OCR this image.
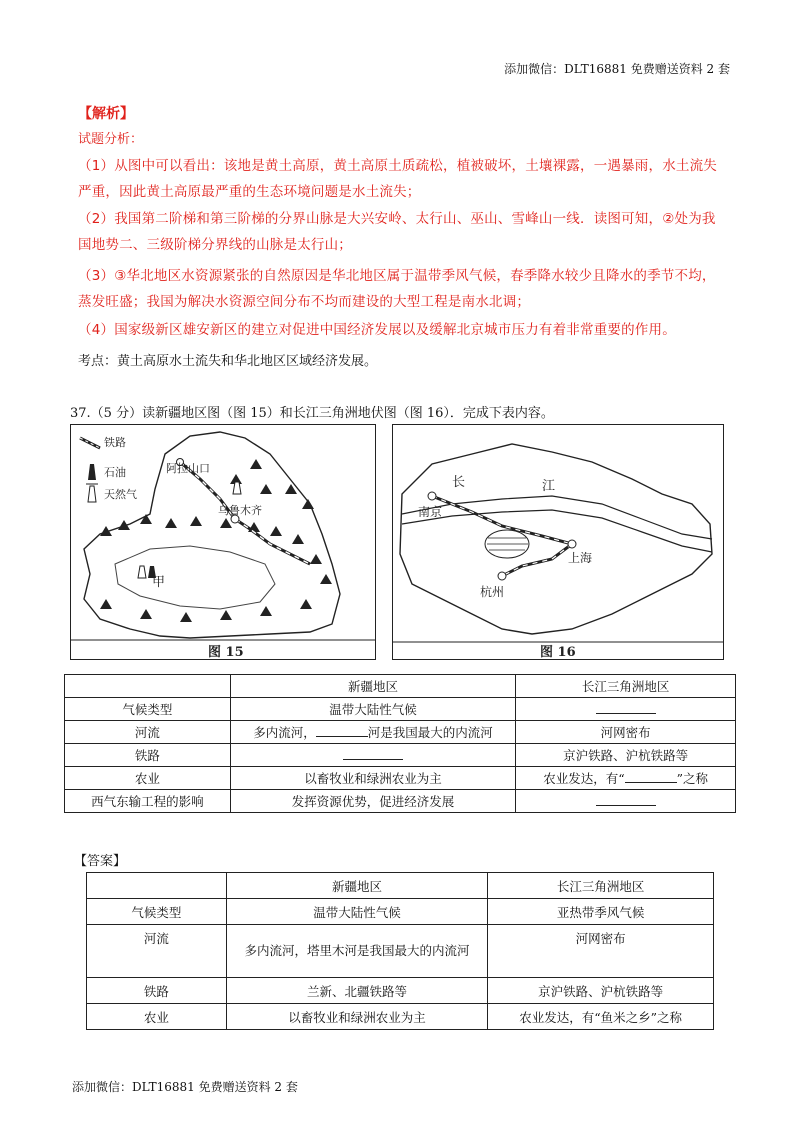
添加微信：DLT16881 免费赠送资料 2 套
【解析】
试题分析：
（1）从图中可以看出：该地是黄土高原，黄土高原土质疏松，植被破坏，土壤裸露，一遇暴雨，水土流失严重，因此黄土高原最严重的生态环境问题是水土流失；
（2）我国第二阶梯和第三阶梯的分界山脉是大兴安岭、太行山、巫山、雪峰山一线．读图可知，②处为我国地势二、三级阶梯分界线的山脉是太行山；
（3）③华北地区水资源紧张的自然原因是华北地区属于温带季风气候，春季降水较少且降水的季节不均，蒸发旺盛；我国为解决水资源空间分布不均而建设的大型工程是南水北调；
（4）国家级新区雄安新区的建立对促进中国经济发展以及缓解北京城市压力有着非常重要的作用。
考点：黄土高原水土流失和华北地区区域经济发展。
37.（5 分）读新疆地区图（图 15）和长江三角洲地伏图（图 16）．完成下表内容。
铁路
石油
天然气
阿拉山口
乌鲁木齐
甲
图 15
南京
上海
杭州
长	江
图 16
	新疆地区	长江三角洲地区
气候类型	温带大陆性气候	
河流	多内流河， 河是我国最大的内流河	河网密布
铁路		京沪铁路、沪杭铁路等
农业	以畜牧业和绿洲农业为主	农业发达，有“ ”之称
西气东输工程的影响	发挥资源优势，促进经济发展	
【答案】
	新疆地区	长江三角洲地区
气候类型	温带大陆性气候	亚热带季风气候
河流	多内流河，塔里木河是我国最大的内流河	河网密布
铁路	兰新、北疆铁路等	京沪铁路、沪杭铁路等
农业	以畜牧业和绿洲农业为主	农业发达，有“鱼米之乡”之称
添加微信：DLT16881 免费赠送资料 2 套
